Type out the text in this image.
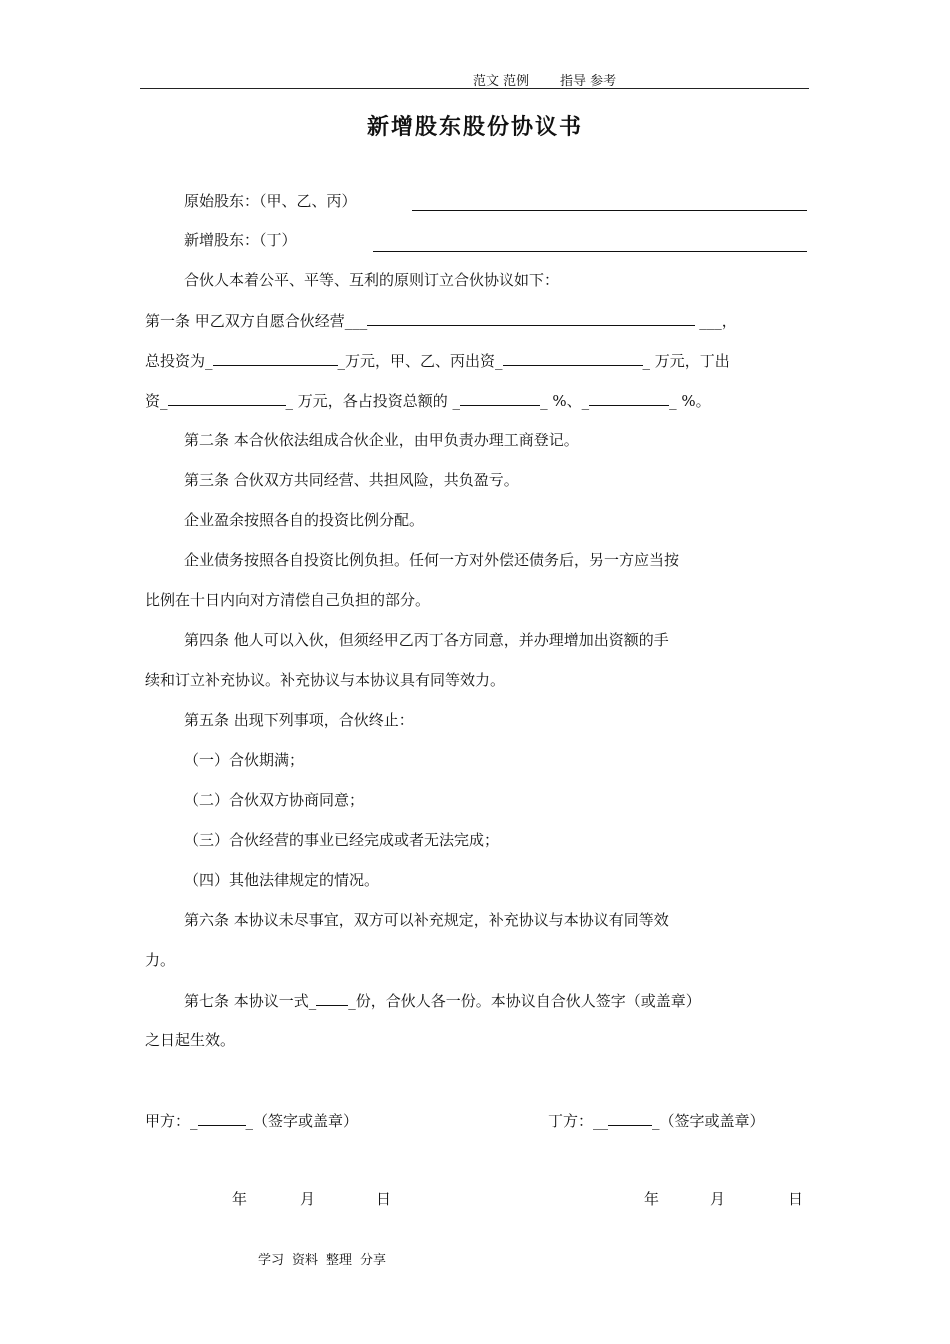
范文 范例 指导 参考
新增股东股份协议书
原始股东：（甲、乙、丙）
新增股东：（丁）
合伙人本着公平、平等、互利的原则订立合伙协议如下：
第一条 甲乙双方自愿合伙经营___	___，
总投资为_	_万元，甲、乙、丙出资_	_ 万元，丁出
资_	_ 万元，各占投资总额的 _	_ %、_	_ %。
第二条 本合伙依法组成合伙企业，由甲负责办理工商登记。
第三条 合伙双方共同经营、共担风险，共负盈亏。
企业盈余按照各自的投资比例分配。
企业债务按照各自投资比例负担。任何一方对外偿还债务后，另一方应当按
比例在十日内向对方清偿自己负担的部分。
第四条 他人可以入伙，但须经甲乙丙丁各方同意，并办理增加出资额的手
续和订立补充协议。补充协议与本协议具有同等效力。
第五条 出现下列事项，合伙终止：
（一）合伙期满；
（二）合伙双方协商同意；
（三）合伙经营的事业已经完成或者无法完成；
（四）其他法律规定的情况。
第六条 本协议未尽事宜，双方可以补充规定，补充协议与本协议有同等效
力。
第七条 本协议一式_ _份，合伙人各一份。本协议自合伙人签字（或盖章）
之日起生效。
甲方：_	_（签字或盖章）	丁方：__	_（签字或盖章）
年	月	日	年	月	日
学习 资料 整理 分享
